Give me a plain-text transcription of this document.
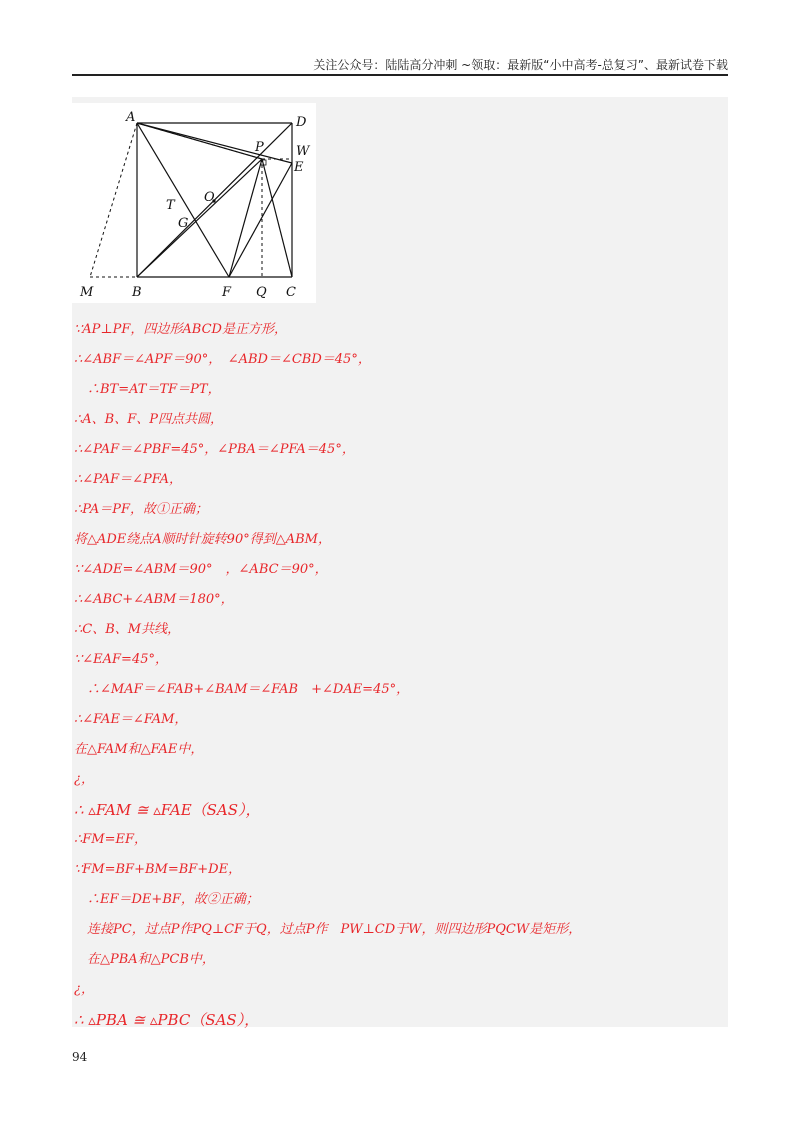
关注公众号：陆陆高分冲刺 ~领取：最新版“小中高考-总复习”、最新试卷下载
A	D
P W
E
O
T
G
M	B	F Q C
∵AP⊥PF，四边形ABCD是正方形，
∴∠ABF＝∠APF＝90°，　∠ABD＝∠CBD＝45°，
　∴BT=AT＝TF＝PT，
∴A、B、F、P四点共圆，
∴∠PAF＝∠PBF=45°，∠PBA＝∠PFA＝45°，
∴∠PAF＝∠PFA，
∴PA＝PF，故①正确；
将△ADE绕点A顺时针旋转90°得到△ABM，
∵∠ADE=∠ABM＝90°　，∠ABC＝90°，
∴∠ABC+∠ABM＝180°，
∴C、B、M共线，
∵∠EAF=45°，
　∴∠MAF＝∠FAB+∠BAM＝∠FAB　+∠DAE=45°，
∴∠FAE＝∠FAM，
在△FAM和△FAE中，
¿，
∴ ▵FAM ≅ ▵FAE（SAS），
∴FM=EF，
∵FM=BF+BM=BF+DE，
　∴EF＝DE+BF，故②正确；
　连接PC，过点P作PQ⊥CF于Q，过点P作　PW⊥CD于W，则四边形PQCW是矩形，
　在△PBA和△PCB中，
¿，
∴ ▵PBA ≅ ▵PBC（SAS），
94
